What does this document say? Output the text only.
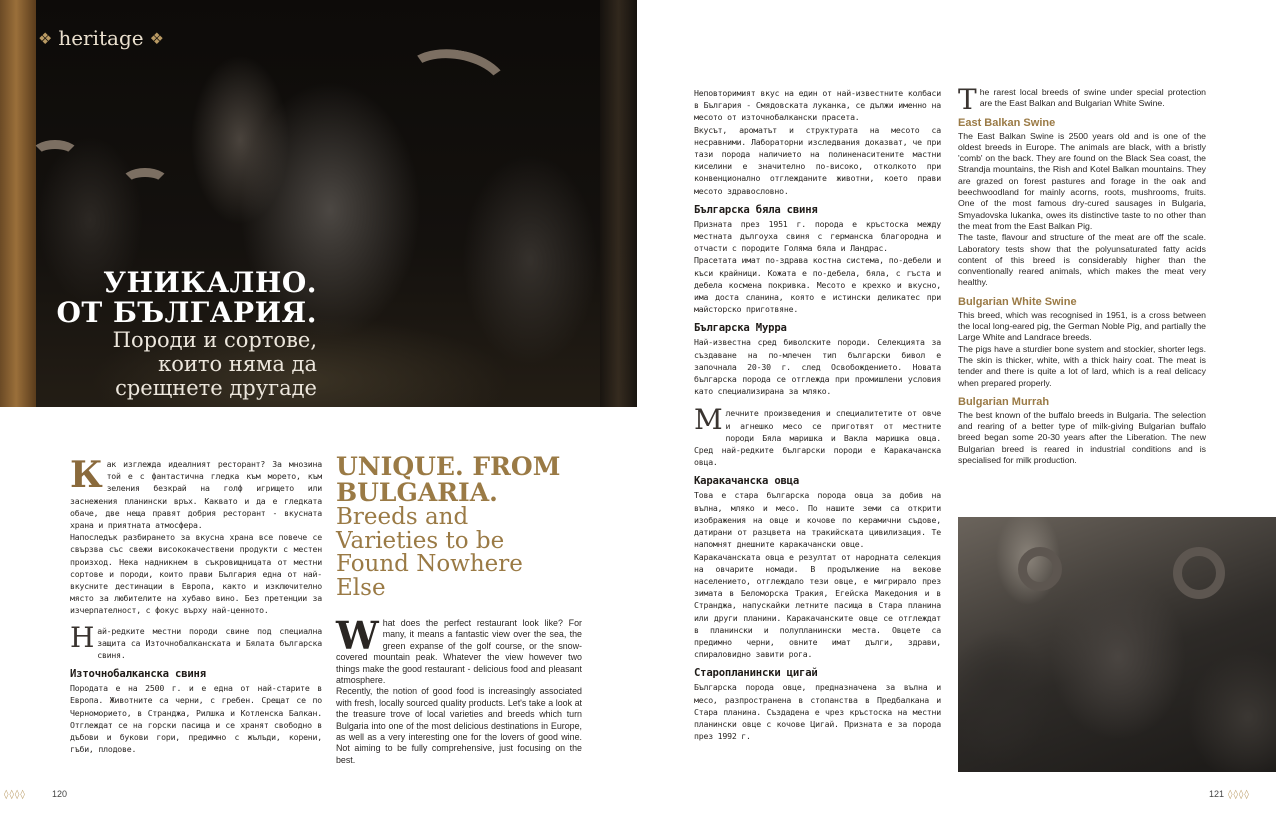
❖ heritage ❖
УНИКАЛНО.
ОТ БЪЛГАРИЯ.
Породи и сортове,
които няма да
срещнете другаде

Как изглежда идеалният ресторант? За мнозина той е с фантастична гледка към морето, към зеления безкрай на голф игрището или заснежения планински връх. Каквато и да е гледката обаче, две неща правят добрия ресторант - вкусната храна и приятната атмосфера.

Напоследък разбирането за вкусна храна все повече се свързва със свежи висококачествени продукти с местен произход. Нека надникнем в съкровищницата от местни сортове и породи, които прави България една от най-вкусните дестинации в Европа, както и изключително място за любителите на хубаво вино. Без претенции за изчерпателност, с фокус върху най-ценното.

Най-редките местни породи свине под специална защита са Източнобалканската и Бялата българска свиня.

Източнобалканска свиня

Породата е на 2500 г. и е една от най-старите в Европа. Животните са черни, с гребен. Срещат се по Черноморието, в Странджа, Рилшка и Котленска Балкан. Отглеждат се на горски пасища и се хранят свободно в дъбови и букови гори, предимно с жълъди, корени, гъби, плодове.

UNIQUE. FROM
BULGARIA.
Breeds and
Varieties to be
Found Nowhere
Else

What does the perfect restaurant look like? For many, it means a fantastic view over the sea, the green expanse of the golf course, or the snow-covered mountain peak. Whatever the view however two things make the good restaurant - delicious food and pleasant atmosphere.

Recently, the notion of good food is increasingly associated with fresh, locally sourced quality products. Let's take a look at the treasure trove of local varieties and breeds which turn Bulgaria into one of the most delicious destinations in Europe, as well as a very interesting one for the lovers of good wine. Not aiming to be fully comprehensive, just focusing on the best.

Неповторимият вкус на един от най-известните колбаси в България - Смядовската луканка, се дължи именно на месото от източнобалкански прасета.

Вкусът, ароматът и структурата на месото са несравними. Лабораторни изследвания доказват, че при тази порода наличието на полиненаситените мастни киселини е значително по-високо, отколкото при конвенционално отглежданите животни, което прави месото здравословно.

Българска бяла свиня

Призната през 1951 г. порода е кръстоска между местната дългоуха свиня с германска благородна и отчасти с породите Голяма бяла и Ландрас.

Прасетата имат по-здрава костна система, по-дебели и къси крайници. Кожата е по-дебела, бяла, с гъста и дебела космена покривка. Месото е крехко и вкусно, има доста сланина, която е истински деликатес при майсторско приготвяне.

Българска Мурра

Най-известна сред биволските породи. Селекцията за създаване на по-млечен тип български бивол е започнала 20-30 г. след Освобождението. Новата българска порода се отглежда при промишлени условия като специализирана за мляко.

Млечните произведения и специалитетите от овче и агнешко месо се приготвят от местните породи Бяла маришка и Вакла маришка овца. Сред най-редките български породи е Каракачанска овца.

Каракачанска овца

Това е стара българска порода овца за добив на вълна, мляко и месо. По нашите земи са открити изображения на овце и кочове по керамични съдове, датирани от разцвета на тракийската цивилизация. Те напомнят днешните каракачански овце.

Каракачанската овца е резултат от народната селекция на овчарите номади. В продължение на вековe населението, отглеждало тези овце, е мигрирало през зимата в Беломорска Тракия, Егейска Македония и в Странджа, напускайки летните пасища в Стара планина или други планини. Каракачанските овце се отглеждат в планински и полупланински места. Овцете са предимно черни, овните имат дълги, здрави, спираловидно завити рога.

Старопланински цигай

Българска порода овце, предназначена за вълна и месо, разпространена в стопанства в Предбалкана и Стара планина. Създадена е чрез кръстоска на местни планински овце с кочове Цигай. Призната е за порода през 1992 г.

The rarest local breeds of swine under special protection are the East Balkan and Bulgarian White Swine.

East Balkan Swine

The East Balkan Swine is 2500 years old and is one of the oldest breeds in Europe. The animals are black, with a bristly 'comb' on the back. They are found on the Black Sea coast, the Strandja mountains, the Rish and Kotel Balkan mountains. They are grazed on forest pastures and forage in the oak and beechwoodland for mainly acorns, roots, mushrooms, fruits. One of the most famous dry-cured sausages in Bulgaria, Smyadovska lukanka, owes its distinctive taste to no other than the meat from the East Balkan Pig.

The taste, flavour and structure of the meat are off the scale. Laboratory tests show that the polyunsaturated fatty acids content of this breed is considerably higher than the conventionally reared animals, which makes the meat very healthy.

Bulgarian White Swine

This breed, which was recognised in 1951, is a cross between the local long-eared pig, the German Noble Pig, and partially the Large White and Landrace breeds.

The pigs have a sturdier bone system and stockier, shorter legs. The skin is thicker, white, with a thick hairy coat. The meat is tender and there is quite a lot of lard, which is a real delicacy when prepared properly.

Bulgarian Murrah

The best known of the buffalo breeds in Bulgaria. The selection and rearing of a better type of milk-giving Bulgarian buffalo breed began some 20-30 years after the Liberation. The new Bulgarian breed is reared in industrial conditions and is specialised for milk production.

◊◊◊◊	120	121 ◊◊◊◊
